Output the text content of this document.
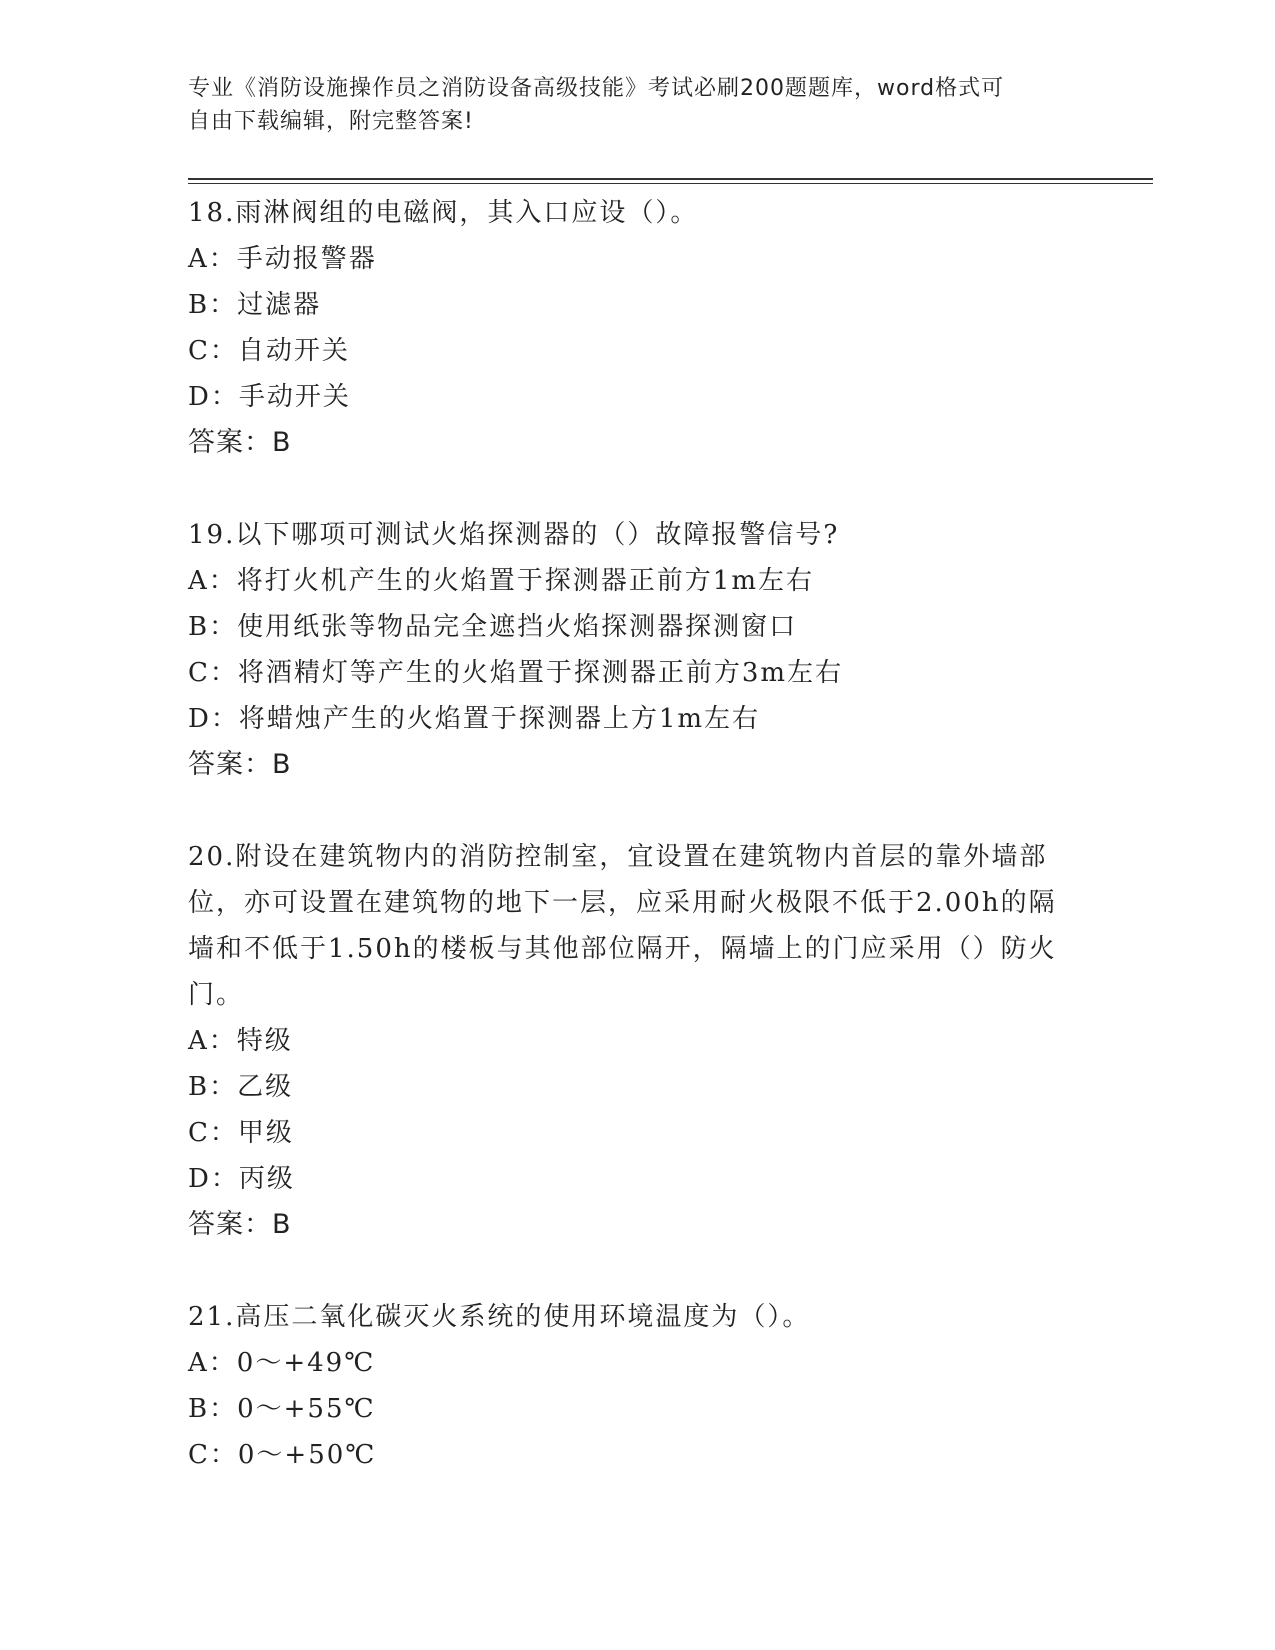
专业《消防设施操作员之消防设备高级技能》考试必刷200题题库，word格式可
自由下载编辑，附完整答案!
18.雨淋阀组的电磁阀，其入口应设（）。
A：手动报警器
B：过滤器
C：自动开关
D：手动开关
答案：B
19.以下哪项可测试火焰探测器的（）故障报警信号?
A：将打火机产生的火焰置于探测器正前方1m左右
B：使用纸张等物品完全遮挡火焰探测器探测窗口
C：将酒精灯等产生的火焰置于探测器正前方3m左右
D：将蜡烛产生的火焰置于探测器上方1m左右
答案：B
20.附设在建筑物内的消防控制室，宜设置在建筑物内首层的靠外墙部位，亦可设置在建筑物的地下一层，应采用耐火极限不低于2.00h的隔墙和不低于1.50h的楼板与其他部位隔开，隔墙上的门应采用（）防火门。
A：特级
B：乙级
C：甲级
D：丙级
答案：B
21.高压二氧化碳灭火系统的使用环境温度为（）。
A：0～+49℃
B：0～+55℃
C：0～+50℃
